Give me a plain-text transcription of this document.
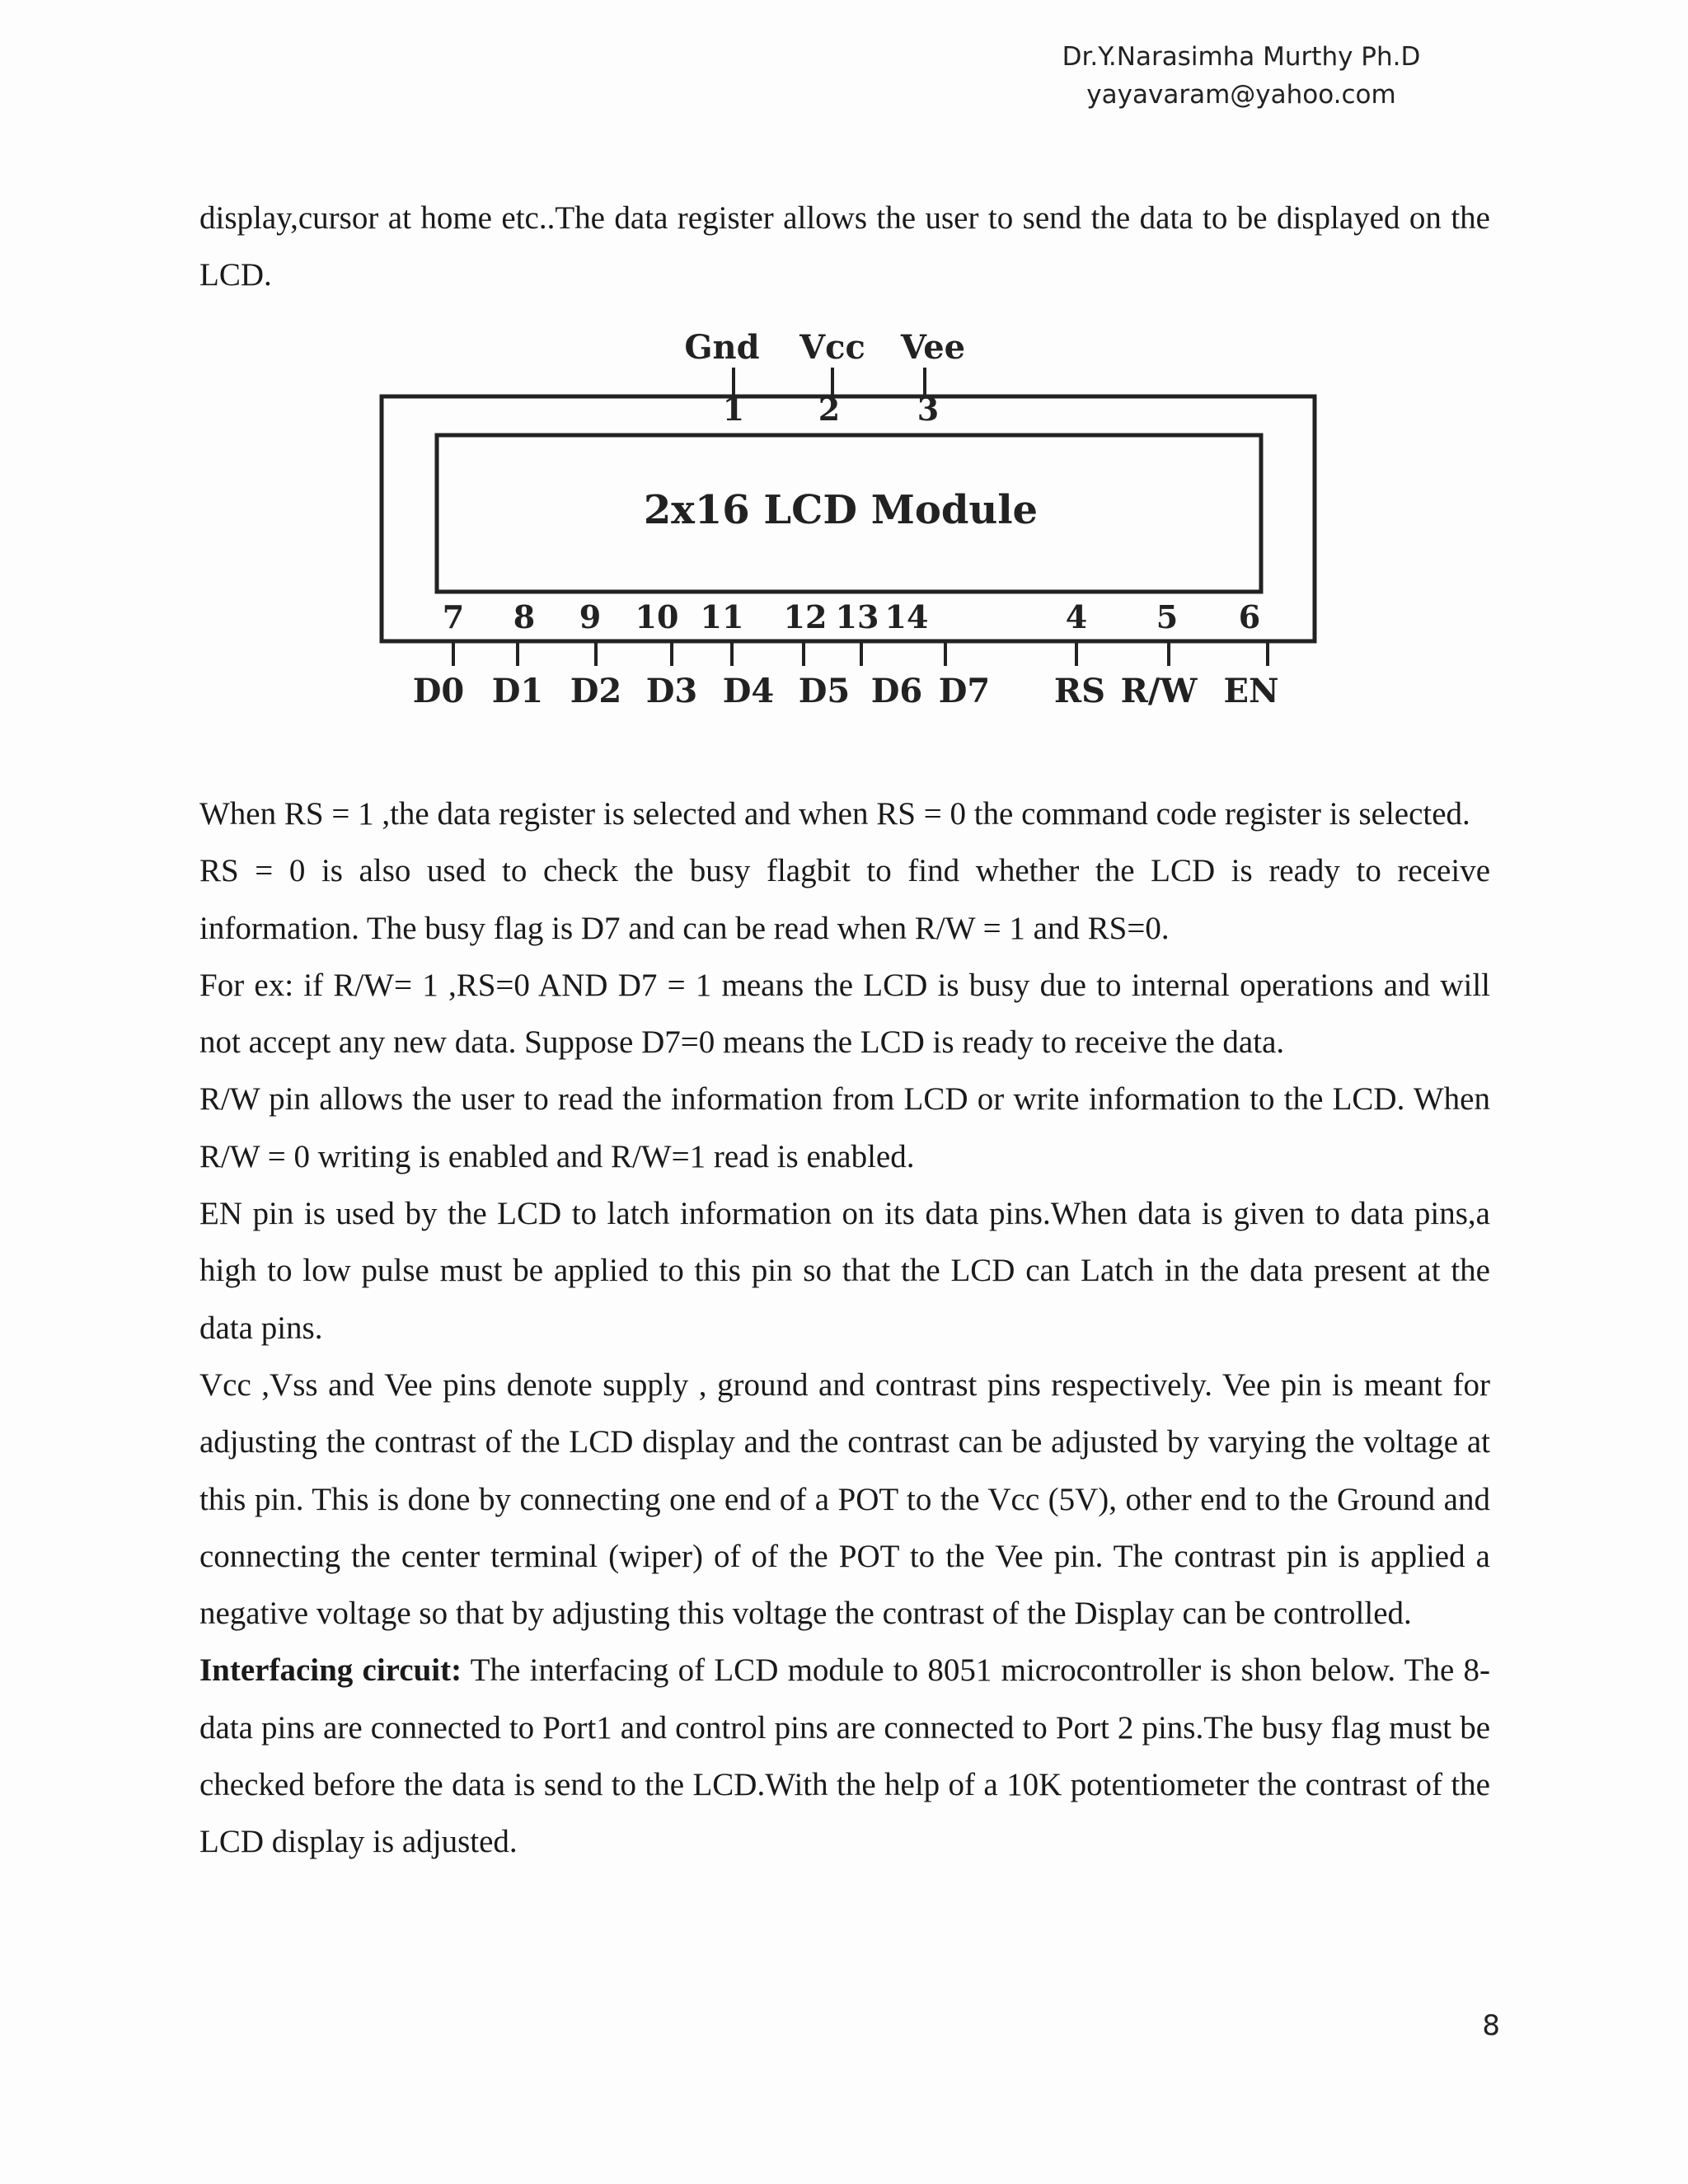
Dr.Y.Narasimha Murthy Ph.D
yayavaram@yahoo.com
display,cursor at home etc..The data register allows the user to send the data to be displayed on the LCD.
2x16 LCD Module
Gnd
1
Vcc
2
Vee
3
7
D0
8
D1
9
D2
10
D3
11
D4
12
D5
13
D6
14
D7
4
RS
5
R/W
6
EN

When RS = 1 ,the data register is selected and when RS = 0 the command code register is selected.

RS = 0 is also used to check the busy flagbit to find whether the LCD is ready to receive information. The busy flag is D7 and can be read when R/W = 1 and RS=0.

For ex: if R/W= 1 ,RS=0 AND D7 = 1 means the LCD is busy due to internal operations and will not accept any new data. Suppose D7=0 means the LCD is ready to receive the data.

R/W pin allows the user to read the information from LCD or write information to the LCD. When R/W = 0 writing is enabled and R/W=1 read is enabled.

EN pin is used by the LCD to latch information on its data pins.When data is given to data pins,a high to low pulse must be applied to this pin so that the LCD can Latch in the data present at the data pins.

Vcc ,Vss and Vee pins denote supply , ground and contrast pins respectively. Vee pin is meant for adjusting the contrast of the LCD display and the contrast can be adjusted by varying the voltage at this pin. This is done by connecting one end of a POT to the Vcc (5V), other end to the Ground and connecting the center terminal (wiper) of of the POT to the Vee pin. The contrast pin is applied a negative voltage so that by adjusting this voltage the contrast of the Display can be controlled.

Interfacing circuit: The interfacing of LCD module to 8051 microcontroller is shon below. The 8-data pins are connected to Port1 and control pins are connected to Port 2 pins.The busy flag must be checked before the data is send to the LCD.With the help of a 10K potentiometer the contrast of the LCD display is adjusted.

8
